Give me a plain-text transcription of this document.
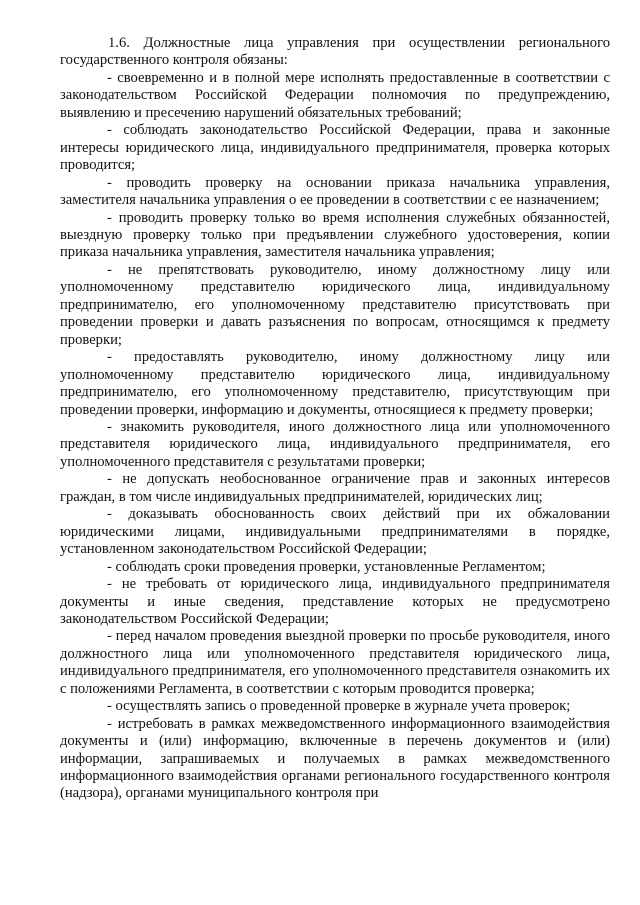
1.6. Должностные лица управления при осуществлении регионального государственного контроля обязаны:

- своевременно и в полной мере исполнять предоставленные в соответствии с законодательством Российской Федерации полномочия по предупреждению, выявлению и пресечению нарушений обязательных требований;

- соблюдать законодательство Российской Федерации, права и законные интересы юридического лица, индивидуального предпринимателя, проверка которых проводится;

- проводить проверку на основании приказа начальника управления, заместителя начальника управления о ее проведении в соответствии с ее назначением;

- проводить проверку только во время исполнения служебных обязанностей, выездную проверку только при предъявлении служебного удостоверения, копии приказа начальника управления, заместителя начальника управления;

- не препятствовать руководителю, иному должностному лицу или уполномоченному представителю юридического лица, индивидуальному предпринимателю, его уполномоченному представителю присутствовать при проведении проверки и давать разъяснения по вопросам, относящимся к предмету проверки;

- предоставлять руководителю, иному должностному лицу или уполномоченному представителю юридического лица, индивидуальному предпринимателю, его уполномоченному представителю, присутствующим при проведении проверки, информацию и документы, относящиеся к предмету проверки;

- знакомить руководителя, иного должностного лица или уполномоченного представителя юридического лица, индивидуального предпринимателя, его уполномоченного представителя с результатами проверки;

- не допускать необоснованное ограничение прав и законных интересов граждан, в том числе индивидуальных предпринимателей, юридических лиц;

- доказывать обоснованность своих действий при их обжаловании юридическими лицами, индивидуальными предпринимателями в порядке, установленном законодательством Российской Федерации;

- соблюдать сроки проведения проверки, установленные Регламентом;

- не требовать от юридического лица, индивидуального предпринимателя документы и иные сведения, представление которых не предусмотрено законодательством Российской Федерации;

- перед началом проведения выездной проверки по просьбе руководителя, иного должностного лица или уполномоченного представителя юридического лица, индивидуального предпринимателя, его уполномоченного представителя ознакомить их с положениями Регламента, в соответствии с которым проводится проверка;

- осуществлять запись о проведенной проверке в журнале учета проверок;

- истребовать в рамках межведомственного информационного взаимодействия документы и (или) информацию, включенные в перечень документов и (или) информации, запрашиваемых и получаемых в рамках межведомственного информационного взаимодействия органами регионального государственного контроля (надзора), органами муниципального контроля при
